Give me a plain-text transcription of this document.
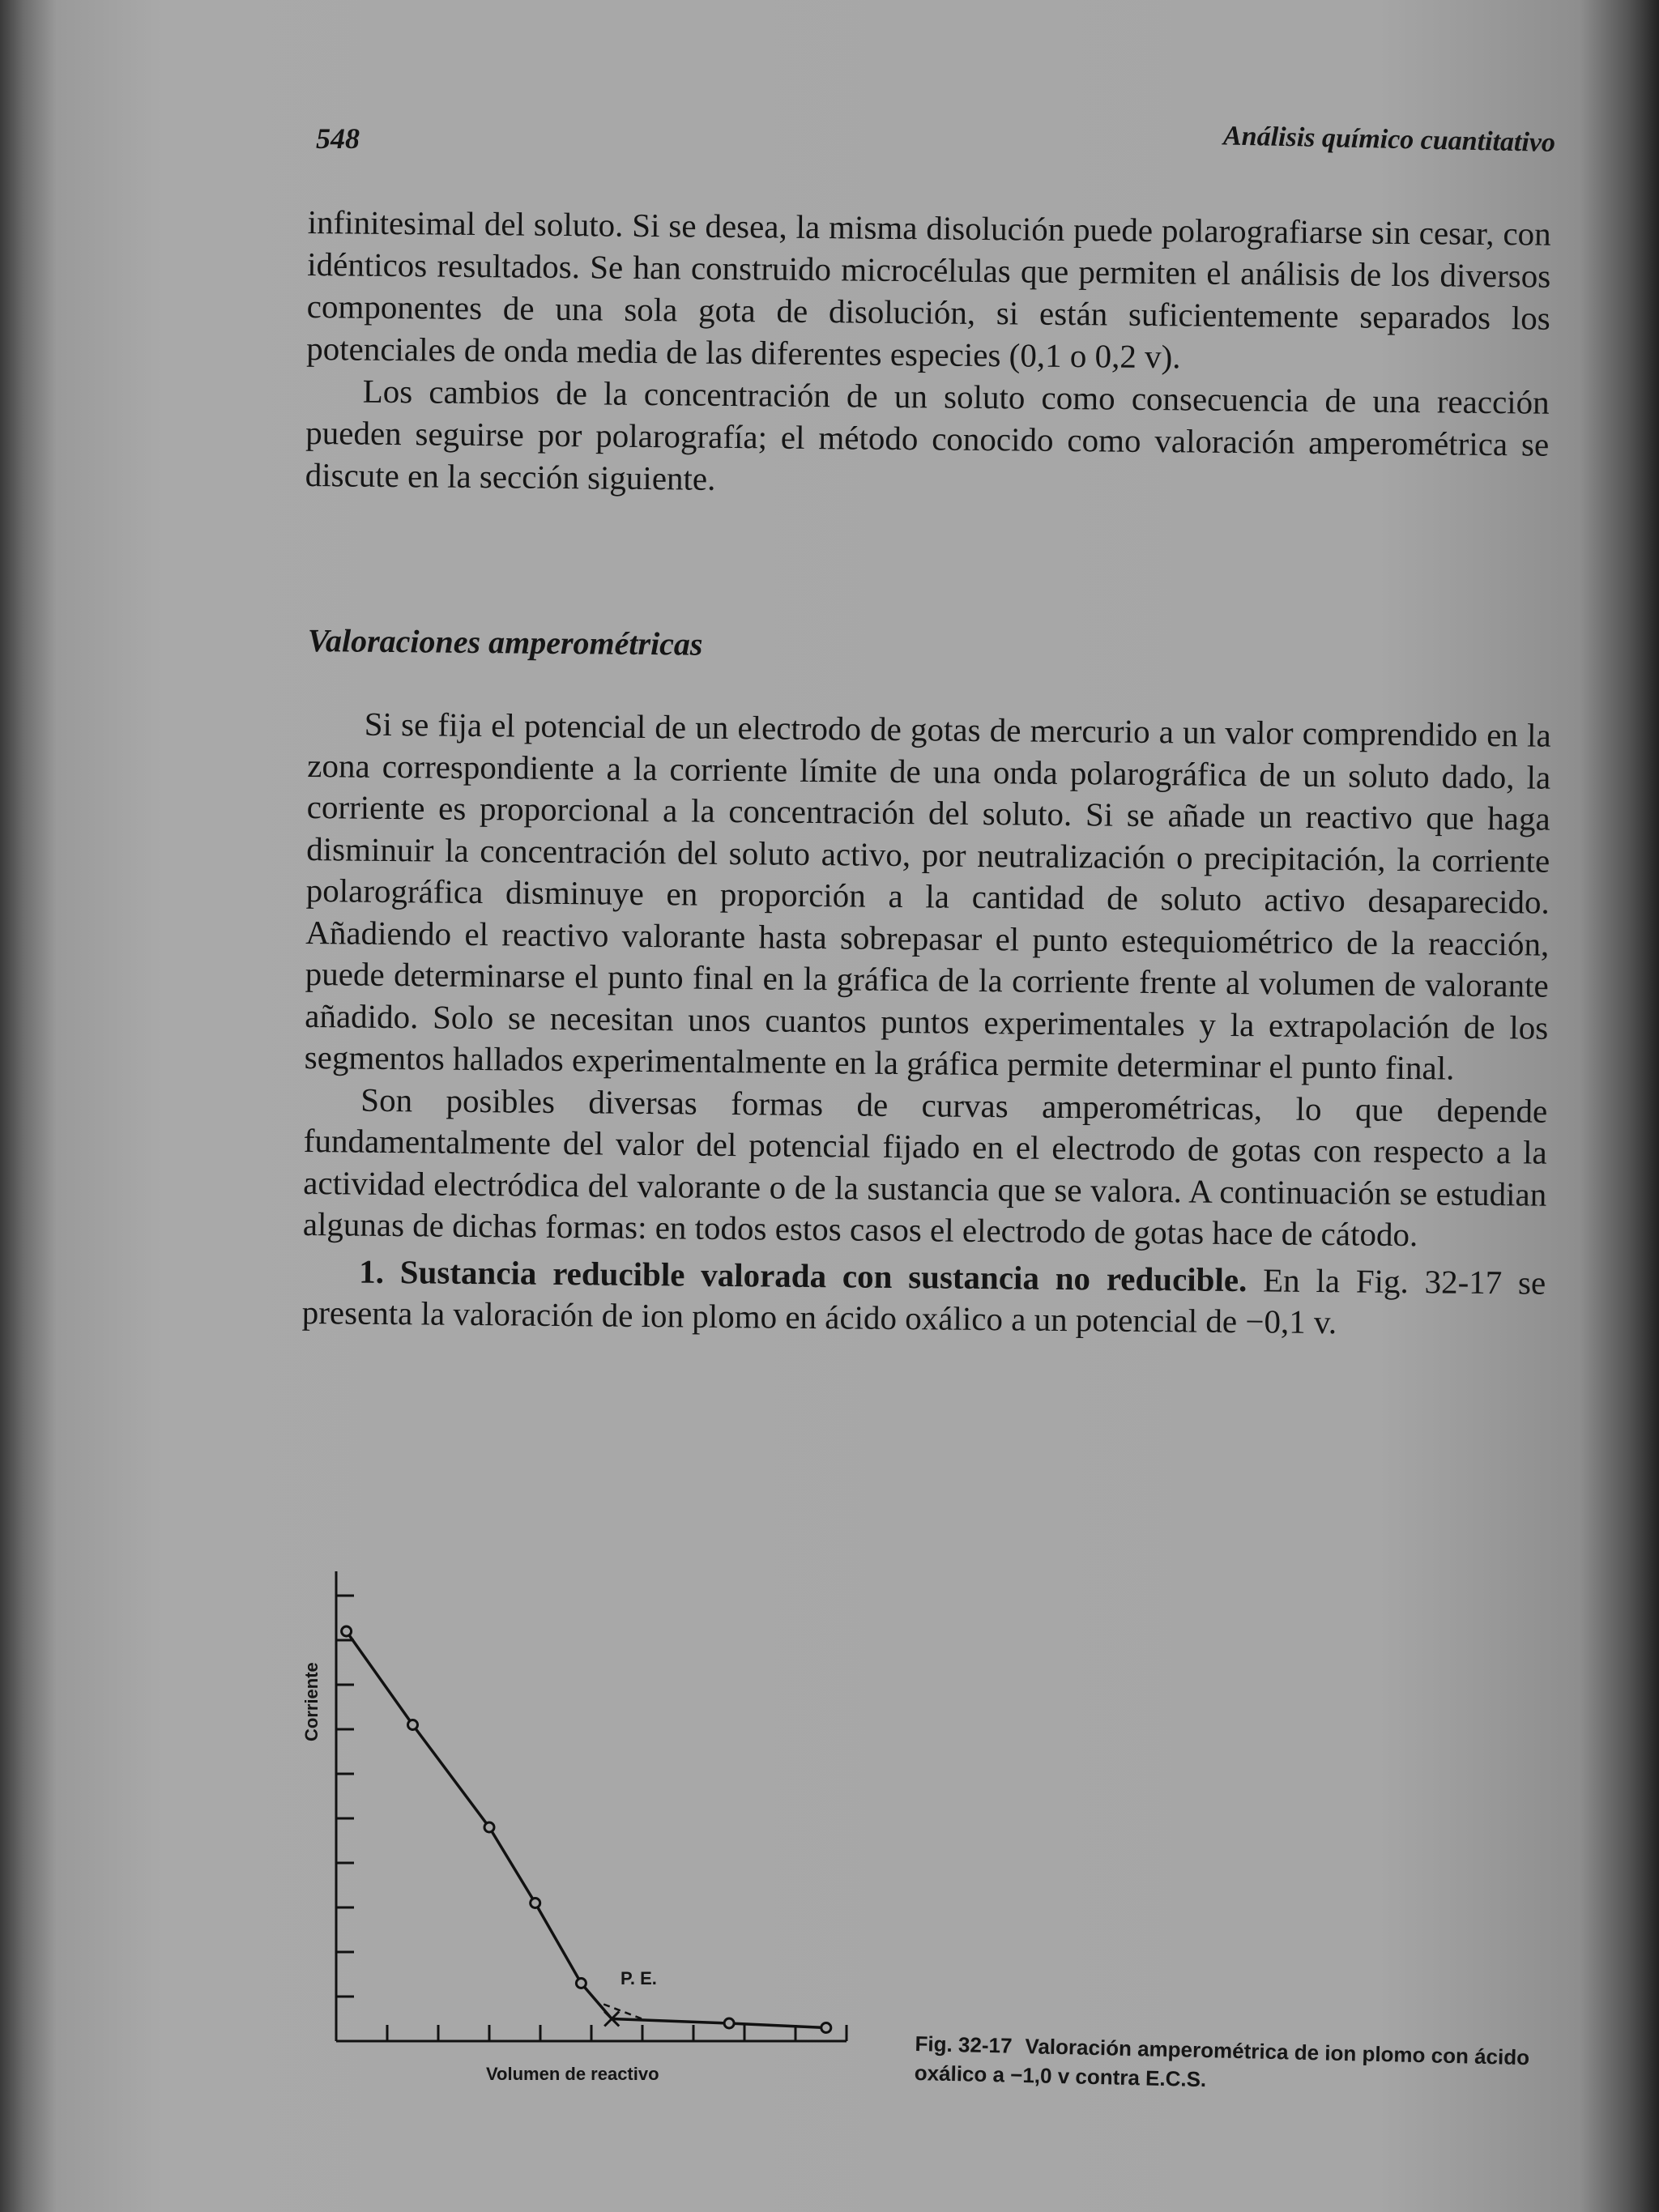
548	Análisis químico cuantitativo

infinitesimal del soluto. Si se desea, la misma disolución puede polarografiarse sin cesar, con idénticos resultados. Se han construido microcélulas que permiten el análisis de los diversos componentes de una sola gota de disolución, si están suficientemente separados los potenciales de onda media de las diferentes especies (0,1 o 0,2 v).

Los cambios de la concentración de un soluto como consecuencia de una reacción pueden seguirse por polarografía; el método conocido como valoración amperométrica se discute en la sección siguiente.

Valoraciones amperométricas

Si se fija el potencial de un electrodo de gotas de mercurio a un valor comprendido en la zona correspondiente a la corriente límite de una onda polarográfica de un soluto dado, la corriente es proporcional a la concentración del soluto. Si se añade un reactivo que haga disminuir la concentración del soluto activo, por neutralización o precipitación, la corriente polarográfica disminuye en proporción a la cantidad de soluto activo desaparecido. Añadiendo el reactivo valorante hasta sobrepasar el punto estequiométrico de la reacción, puede determinarse el punto final en la gráfica de la corriente frente al volumen de valorante añadido. Solo se necesitan unos cuantos puntos experimentales y la extrapolación de los segmentos hallados experimentalmente en la gráfica permite determinar el punto final.

Son posibles diversas formas de curvas amperométricas, lo que depende fundamentalmente del valor del potencial fijado en el electrodo de gotas con respecto a la actividad electródica del valorante o de la sustancia que se valora. A continuación se estudian algunas de dichas formas: en todos estos casos el electrodo de gotas hace de cátodo.

1. Sustancia reducible valorada con sustancia no reducible. En la Fig. 32-17 se presenta la valoración de ion plomo en ácido oxálico a un potencial de −0,1 v.

Corriente
Volumen de reactivo
P. E.
Fig. 32-17 Valoración amperométrica de ion plomo con ácido oxálico a −1,0 v contra E.C.S.
